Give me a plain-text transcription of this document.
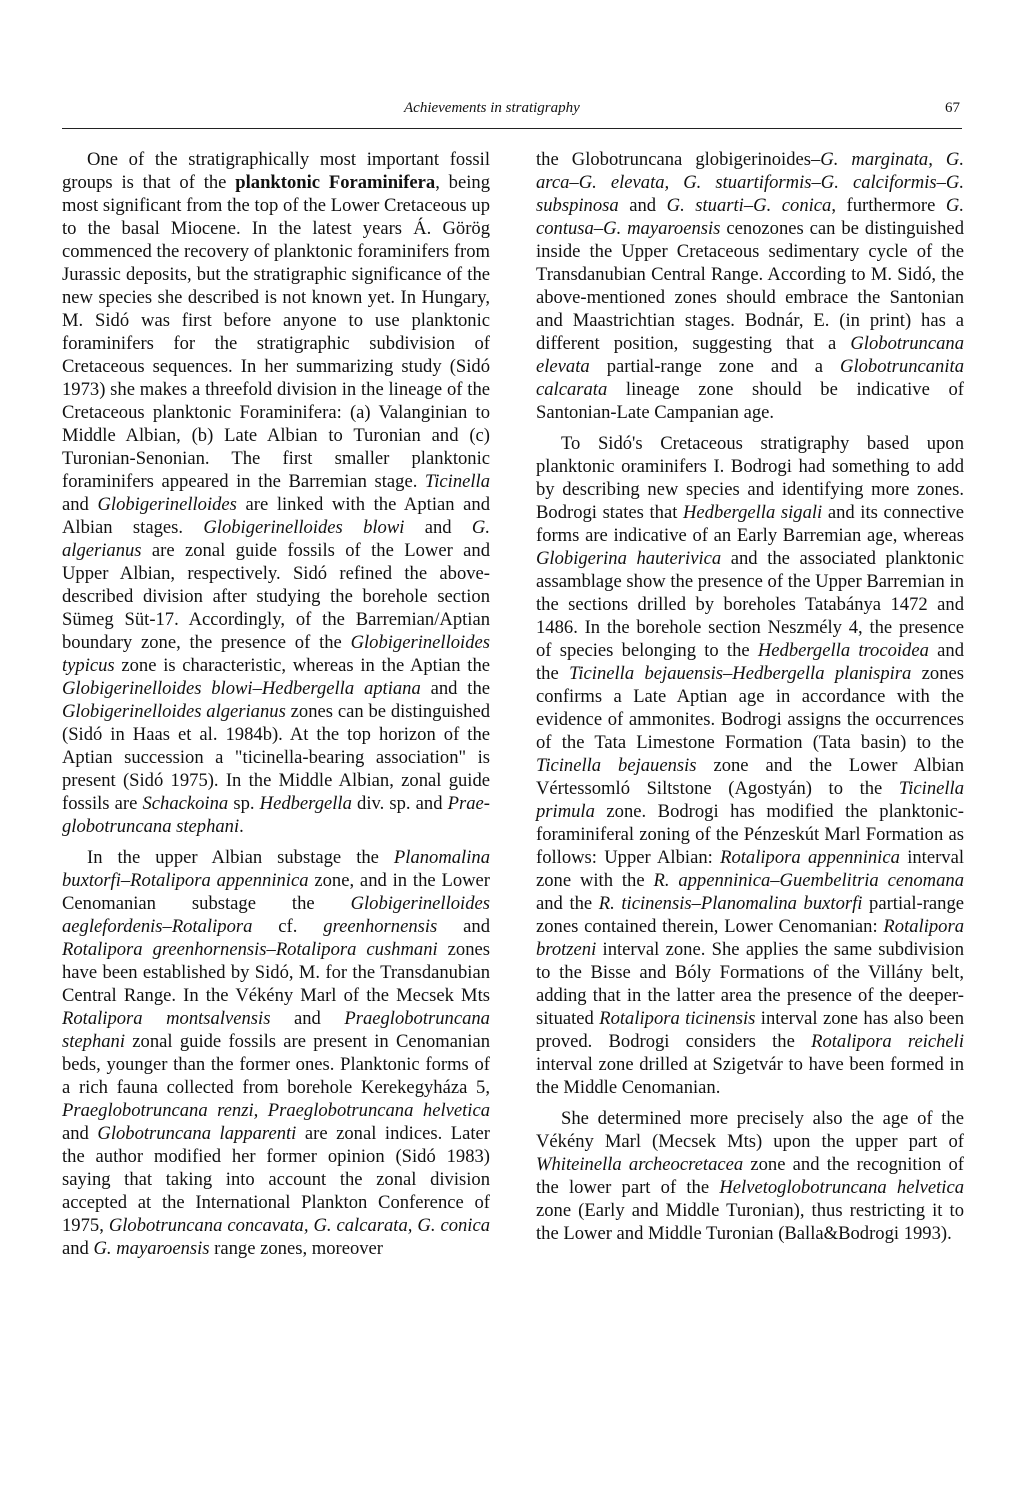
Achievements in stratigraphy	67

One of the stratigraphically most important fossil groups is that of the planktonic Foraminifera, being most significant from the top of the Lower Cretaceous up to the basal Miocene. In the latest years Á. Görög commenced the recovery of planktonic foraminifers from Jurassic deposits, but the stratigraphic significance of the new species she described is not known yet. In Hungary, M. Sidó was first before anyone to use planktonic foraminifers for the stratigraphic subdivision of Cretaceous sequences. In her summarizing study (Sidó 1973) she makes a threefold division in the lineage of the Cretaceous planktonic Foraminifera: (a) Valanginian to Middle Albian, (b) Late Albian to Turonian and (c) Turonian-Senonian. The first smaller planktonic foraminifers appeared in the Barremian stage. Ticinella and Globigerinelloides are linked with the Aptian and Albian stages. Globigerinelloides blowi and G. algerianus are zonal guide fossils of the Lower and Upper Albian, respectively. Sidó refined the above-described division after studying the borehole section Sümeg Süt-17. Accordingly, of the Barremian/Aptian boundary zone, the presence of the Globigerinelloides typicus zone is characteristic, whereas in the Aptian the Globigerinelloides blowi–Hedbergella aptiana and the Globigerinelloides algerianus zones can be distinguished (Sidó in Haas et al. 1984b). At the top horizon of the Aptian succession a "ticinella-bearing association" is present (Sidó 1975). In the Middle Albian, zonal guide fossils are Schackoina sp. Hedbergella div. sp. and Praeglobotruncana stephani.

In the upper Albian substage the Planomalina buxtorfi–Rotalipora appenninica zone, and in the Lower Cenomanian substage the Globigerinelloides aeglefordenis–Rotalipora cf. greenhornensis and Rotalipora greenhornensis–Rotalipora cushmani zones have been established by Sidó, M. for the Transdanubian Central Range. In the Vékény Marl of the Mecsek Mts Rotalipora montsalvensis and Praeglobotruncana stephani zonal guide fossils are present in Cenomanian beds, younger than the former ones. Planktonic forms of a rich fauna collected from borehole Kerekegyháza 5, Praeglobotruncana renzi, Praeglobotruncana helvetica and Globotruncana lapparenti are zonal indices. Later the author modified her former opinion (Sidó 1983) saying that taking into account the zonal division accepted at the International Plankton Conference of 1975, Globotruncana concavata, G. calcarata, G. conica and G. mayaroensis range zones, moreover

the Globotruncana globigerinoides–G. marginata, G. arca–G. elevata, G. stuartiformis–G. calciformis–G. subspinosa and G. stuarti–G. conica, furthermore G. contusa–G. mayaroensis cenozones can be distinguished inside the Upper Cretaceous sedimentary cycle of the Transdanubian Central Range. According to M. Sidó, the above-mentioned zones should embrace the Santonian and Maastrichtian stages. Bodnár, E. (in print) has a different position, suggesting that a Globotruncana elevata partial-range zone and a Globotruncanita calcarata lineage zone should be indicative of Santonian-Late Campanian age.

To Sidó's Cretaceous stratigraphy based upon planktonic oraminifers I. Bodrogi had something to add by describing new species and identifying more zones. Bodrogi states that Hedbergella sigali and its connective forms are indicative of an Early Barremian age, whereas Globigerina hauterivica and the associated planktonic assamblage show the presence of the Upper Barremian in the sections drilled by boreholes Tatabánya 1472 and 1486. In the borehole section Neszmély 4, the presence of species belonging to the Hedbergella trocoidea and the Ticinella bejauensis–Hedbergella planispira zones confirms a Late Aptian age in accordance with the evidence of ammonites. Bodrogi assigns the occurrences of the Tata Limestone Formation (Tata basin) to the Ticinella bejauensis zone and the Lower Albian Vértessomló Siltstone (Agostyán) to the Ticinella primula zone. Bodrogi has modified the planktonic-foraminiferal zoning of the Pénzeskút Marl Formation as follows: Upper Albian: Rotalipora appenninica interval zone with the R. appenninica–Guembelitria cenomana and the R. ticinensis–Planomalina buxtorfi partial-range zones contained therein, Lower Cenomanian: Rotalipora brotzeni interval zone. She applies the same subdivision to the Bisse and Bóly Formations of the Villány belt, adding that in the latter area the presence of the deeper-situated Rotalipora ticinensis interval zone has also been proved. Bodrogi considers the Rotalipora reicheli interval zone drilled at Szigetvár to have been formed in the Middle Cenomanian.

She determined more precisely also the age of the Vékény Marl (Mecsek Mts) upon the upper part of Whiteinella archeocretacea zone and the recognition of the lower part of the Helvetoglobotruncana helvetica zone (Early and Middle Turonian), thus restricting it to the Lower and Middle Turonian (Balla&Bodrogi 1993).
